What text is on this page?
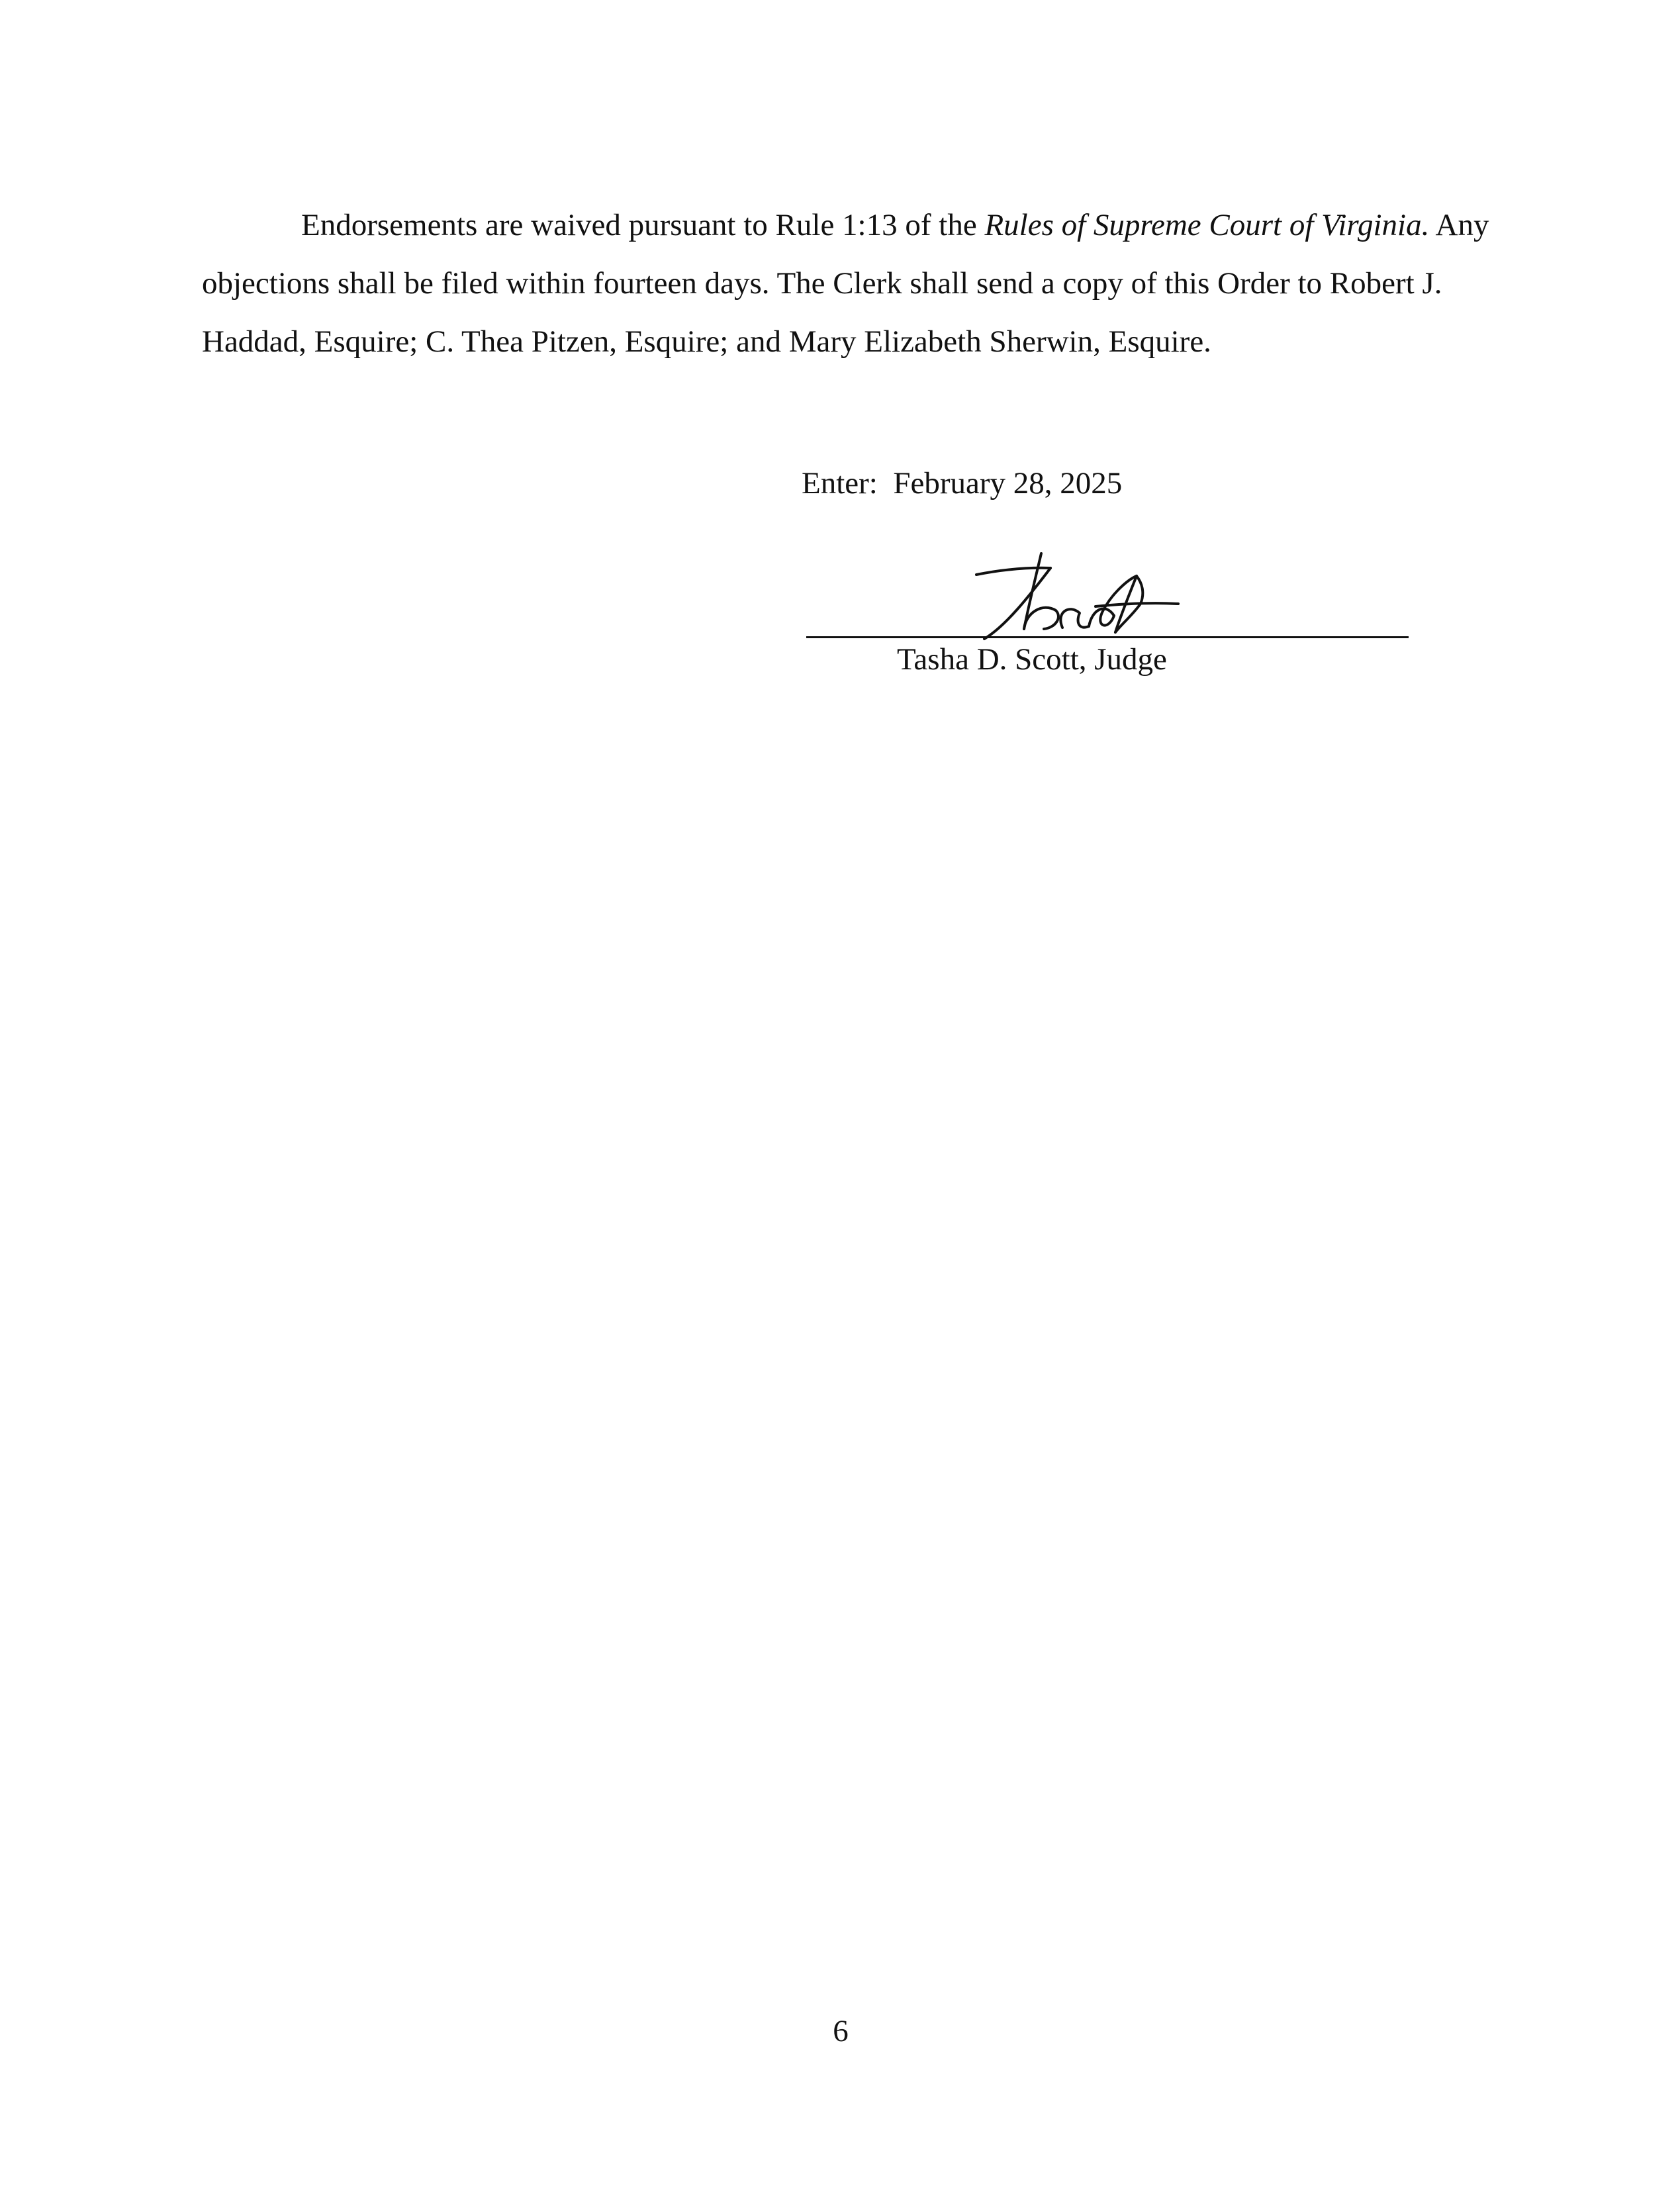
Endorsements are waived pursuant to Rule 1:13 of the Rules of Supreme Court of Virginia. Any objections shall be filed within fourteen days. The Clerk shall send a copy of this Order to Robert J. Haddad, Esquire; C. Thea Pitzen, Esquire; and Mary Elizabeth Sherwin, Esquire.

Enter: February 28, 2025
Tasha D. Scott, Judge
6
